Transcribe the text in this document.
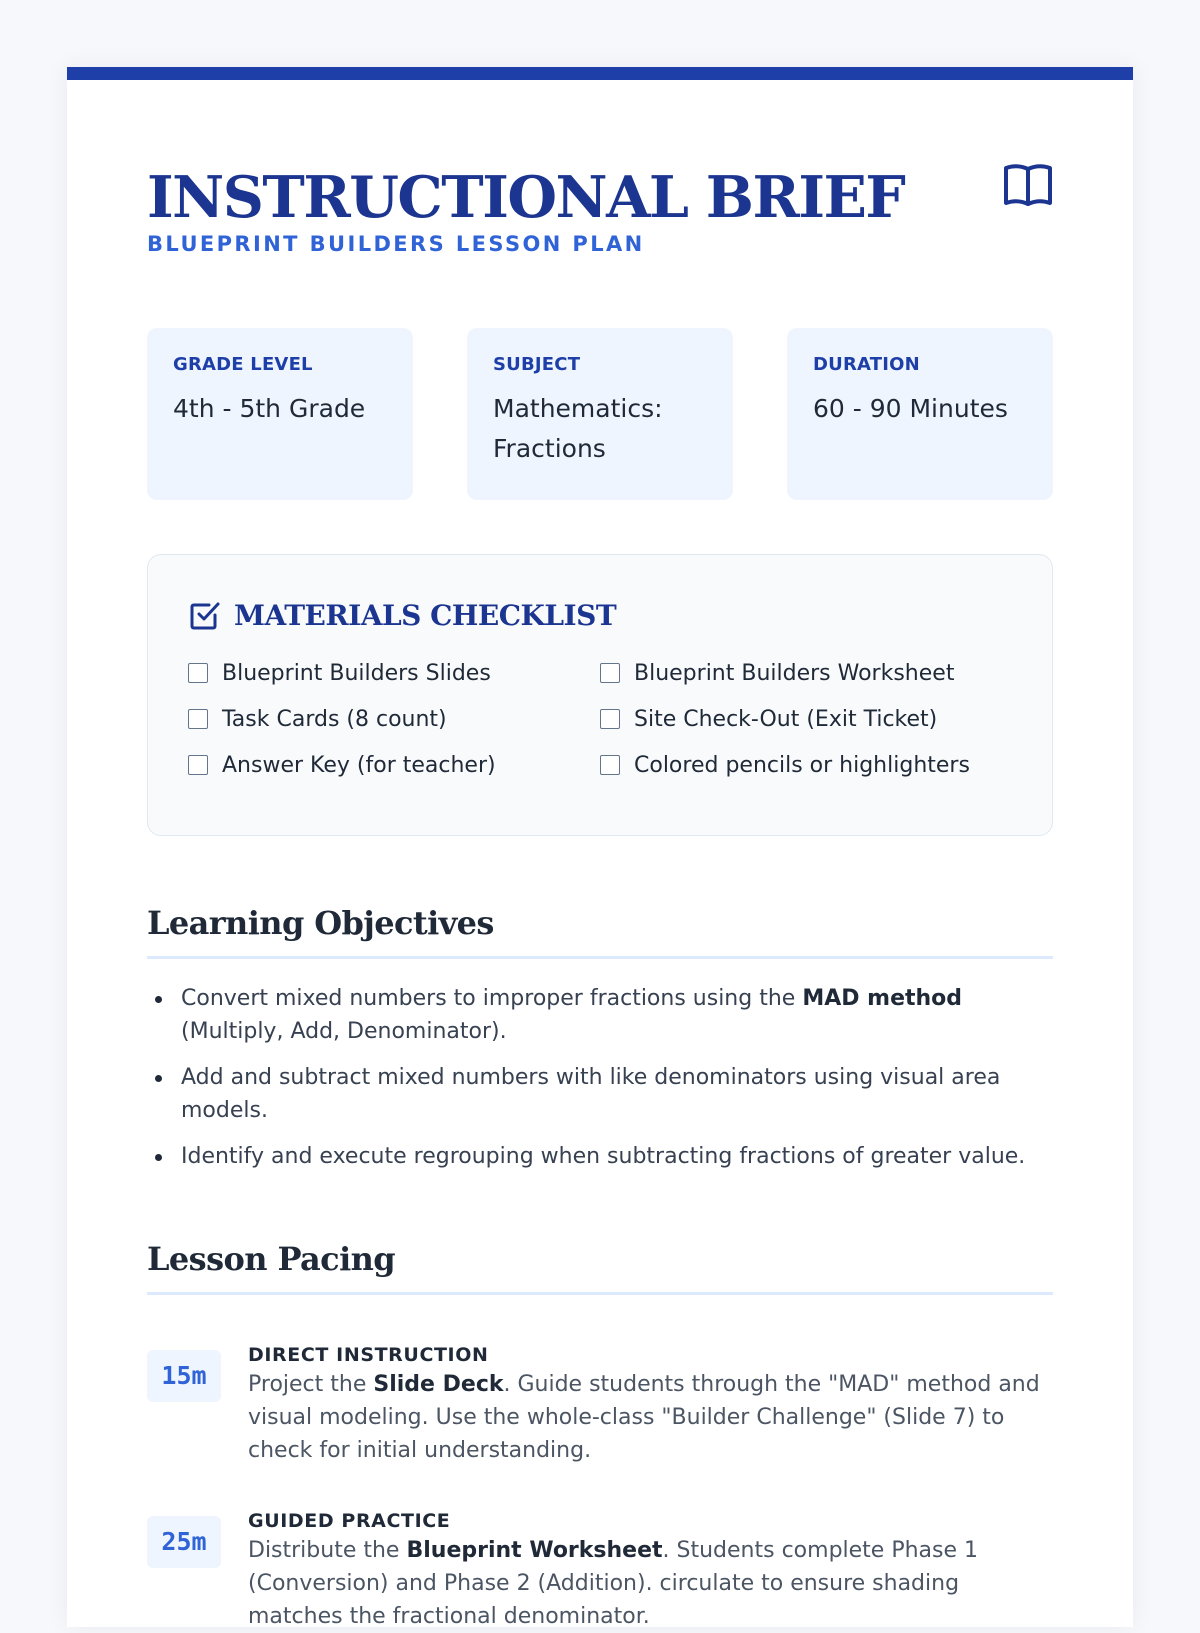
INSTRUCTIONAL BRIEF
BLUEPRINT BUILDERS LESSON PLAN
GRADE LEVEL
4th - 5th Grade
SUBJECT
Mathematics: Fractions
DURATION
60 - 90 Minutes
MATERIALS CHECKLIST
Blueprint Builders Slides	Blueprint Builders Worksheet
Task Cards (8 count)	Site Check-Out (Exit Ticket)
Answer Key (for teacher)	Colored pencils or highlighters
Learning Objectives
Convert mixed numbers to improper fractions using the MAD method (Multiply, Add, Denominator).
Add and subtract mixed numbers with like denominators using visual area models.
Identify and execute regrouping when subtracting fractions of greater value.
Lesson Pacing
15m
DIRECT INSTRUCTION

Project the Slide Deck. Guide students through the "MAD" method and visual modeling. Use the whole-class "Builder Challenge" (Slide 7) to check for initial understanding.

25m
GUIDED PRACTICE

Distribute the Blueprint Worksheet. Students complete Phase 1 (Conversion) and Phase 2 (Addition). circulate to ensure shading matches the fractional denominator.
